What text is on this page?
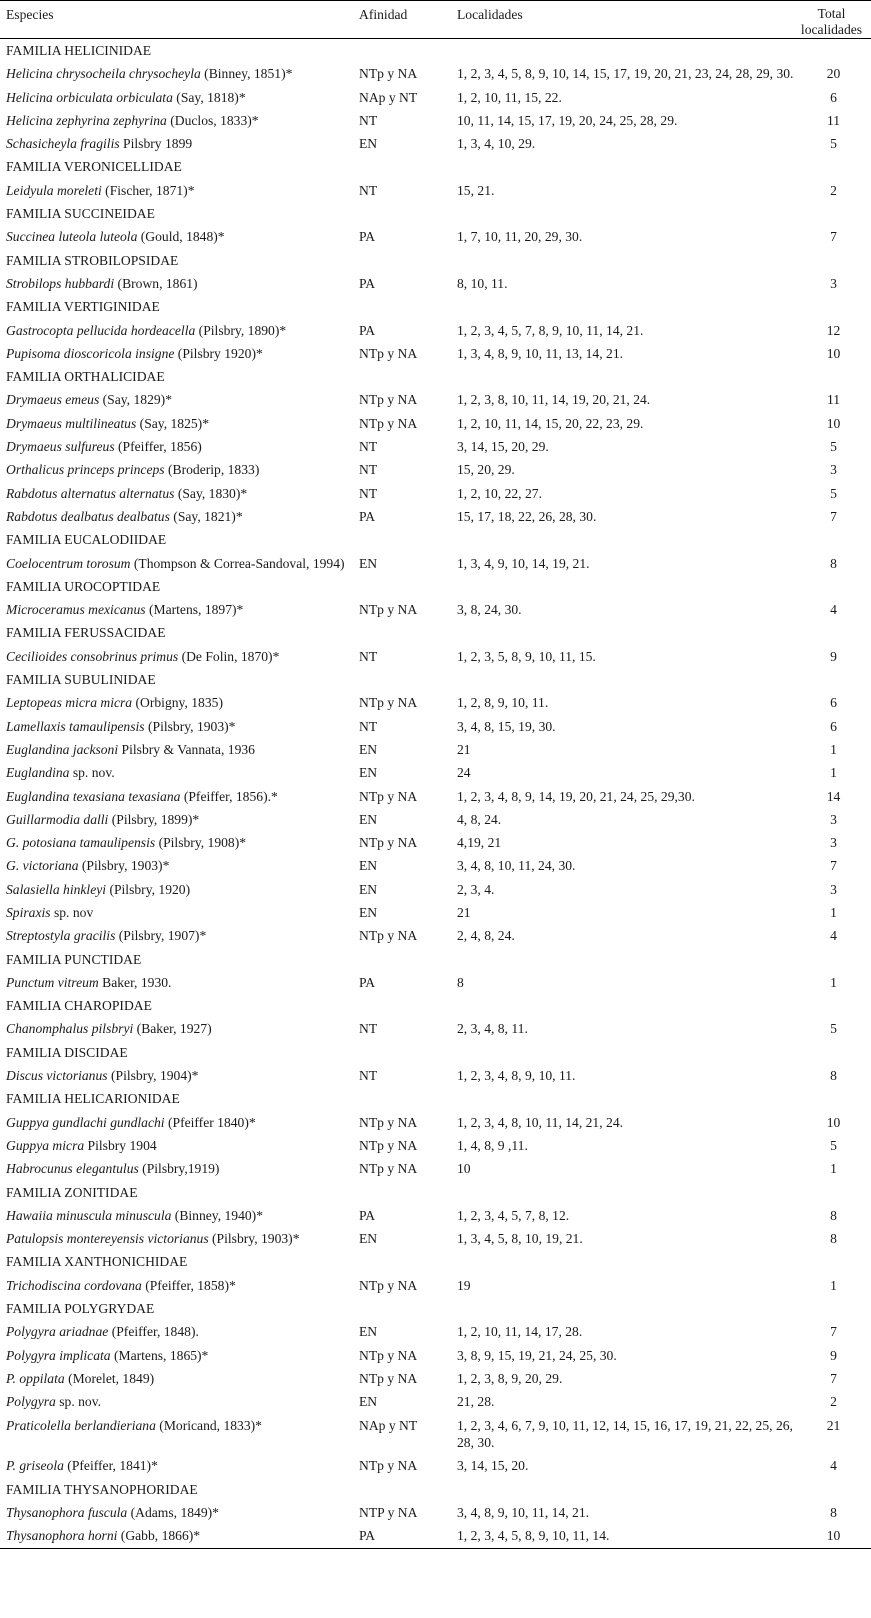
Especies	Afinidad	Localidades	Total
localidades
FAMILIA HELICINIDAE			
Helicina chrysocheila chrysocheyla (Binney, 1851)*	NTp y NA	1, 2, 3, 4, 5, 8, 9, 10, 14, 15, 17, 19, 20, 21, 23, 24, 28, 29, 30.	20
Helicina orbiculata orbiculata (Say, 1818)*	NAp y NT	1, 2, 10, 11, 15, 22.	6
Helicina zephyrina zephyrina (Duclos, 1833)*	NT	10, 11, 14, 15, 17, 19, 20, 24, 25, 28, 29.	11
Schasicheyla fragilis Pilsbry 1899	EN	1, 3, 4, 10, 29.	5
FAMILIA VERONICELLIDAE			
Leidyula moreleti (Fischer, 1871)*	NT	15, 21.	2
FAMILIA SUCCINEIDAE			
Succinea luteola luteola (Gould, 1848)*	PA	1, 7, 10, 11, 20, 29, 30.	7
FAMILIA STROBILOPSIDAE			
Strobilops hubbardi (Brown, 1861)	PA	8, 10, 11.	3
FAMILIA VERTIGINIDAE			
Gastrocopta pellucida hordeacella (Pilsbry, 1890)*	PA	1, 2, 3, 4, 5, 7, 8, 9, 10, 11, 14, 21.	12
Pupisoma dioscoricola insigne (Pilsbry 1920)*	NTp y NA	1, 3, 4, 8, 9, 10, 11, 13, 14, 21.	10
FAMILIA ORTHALICIDAE			
Drymaeus emeus (Say, 1829)*	NTp y NA	1, 2, 3, 8, 10, 11, 14, 19, 20, 21, 24.	11
Drymaeus multilineatus (Say, 1825)*	NTp y NA	1, 2, 10, 11, 14, 15, 20, 22, 23, 29.	10
Drymaeus sulfureus (Pfeiffer, 1856)	NT	3, 14, 15, 20, 29.	5
Orthalicus princeps princeps (Broderip, 1833)	NT	15, 20, 29.	3
Rabdotus alternatus alternatus (Say, 1830)*	NT	1, 2, 10, 22, 27.	5
Rabdotus dealbatus dealbatus (Say, 1821)*	PA	15, 17, 18, 22, 26, 28, 30.	7
FAMILIA EUCALODIIDAE			
Coelocentrum torosum (Thompson & Correa-Sandoval, 1994)	EN	1, 3, 4, 9, 10, 14, 19, 21.	8
FAMILIA UROCOPTIDAE			
Microceramus mexicanus (Martens, 1897)*	NTp y NA	3, 8, 24, 30.	4
FAMILIA FERUSSACIDAE			
Cecilioides consobrinus primus (De Folin, 1870)*	NT	1, 2, 3, 5, 8, 9, 10, 11, 15.	9
FAMILIA SUBULINIDAE			
Leptopeas micra micra (Orbigny, 1835)	NTp y NA	1, 2, 8, 9, 10, 11.	6
Lamellaxis tamaulipensis (Pilsbry, 1903)*	NT	3, 4, 8, 15, 19, 30.	6
Euglandina jacksoni Pilsbry & Vannata, 1936	EN	21	1
Euglandina sp. nov.	EN	24	1
Euglandina texasiana texasiana (Pfeiffer, 1856).*	NTp y NA	1, 2, 3, 4, 8, 9, 14, 19, 20, 21, 24, 25, 29,30.	14
Guillarmodia dalli (Pilsbry, 1899)*	EN	4, 8, 24.	3
G. potosiana tamaulipensis (Pilsbry, 1908)*	NTp y NA	4,19, 21	3
G. victoriana (Pilsbry, 1903)*	EN	3, 4, 8, 10, 11, 24, 30.	7
Salasiella hinkleyi (Pilsbry, 1920)	EN	2, 3, 4.	3
Spiraxis sp. nov	EN	21	1
Streptostyla gracilis (Pilsbry, 1907)*	NTp y NA	2, 4, 8, 24.	4
FAMILIA PUNCTIDAE			
Punctum vitreum Baker, 1930.	PA	8	1
FAMILIA CHAROPIDAE			
Chanomphalus pilsbryi (Baker, 1927)	NT	2, 3, 4, 8, 11.	5
FAMILIA DISCIDAE			
Discus victorianus (Pilsbry, 1904)*	NT	1, 2, 3, 4, 8, 9, 10, 11.	8
FAMILIA HELICARIONIDAE			
Guppya gundlachi gundlachi (Pfeiffer 1840)*	NTp y NA	1, 2, 3, 4, 8, 10, 11, 14, 21, 24.	10
Guppya micra Pilsbry 1904	NTp y NA	1, 4, 8, 9 ,11.	5
Habrocunus elegantulus (Pilsbry,1919)	NTp y NA	10	1
FAMILIA ZONITIDAE			
Hawaiia minuscula minuscula (Binney, 1940)*	PA	1, 2, 3, 4, 5, 7, 8, 12.	8
Patulopsis montereyensis victorianus (Pilsbry, 1903)*	EN	1, 3, 4, 5, 8, 10, 19, 21.	8
FAMILIA XANTHONICHIDAE			
Trichodiscina cordovana (Pfeiffer, 1858)*	NTp y NA	19	1
FAMILIA POLYGRYDAE			
Polygyra ariadnae (Pfeiffer, 1848).	EN	1, 2, 10, 11, 14, 17, 28.	7
Polygyra implicata (Martens, 1865)*	NTp y NA	3, 8, 9, 15, 19, 21, 24, 25, 30.	9
P. oppilata (Morelet, 1849)	NTp y NA	1, 2, 3, 8, 9, 20, 29.	7
Polygyra sp. nov.	EN	21, 28.	2
Praticolella berlandieriana (Moricand, 1833)*	NAp y NT	1, 2, 3, 4, 6, 7, 9, 10, 11, 12, 14, 15, 16, 17, 19, 21, 22, 25, 26, 28, 30.	21
P. griseola (Pfeiffer, 1841)*	NTp y NA	3, 14, 15, 20.	4
FAMILIA THYSANOPHORIDAE			
Thysanophora fuscula (Adams, 1849)*	NTP y NA	3, 4, 8, 9, 10, 11, 14, 21.	8
Thysanophora horni (Gabb, 1866)*	PA	1, 2, 3, 4, 5, 8, 9, 10, 11, 14.	10
